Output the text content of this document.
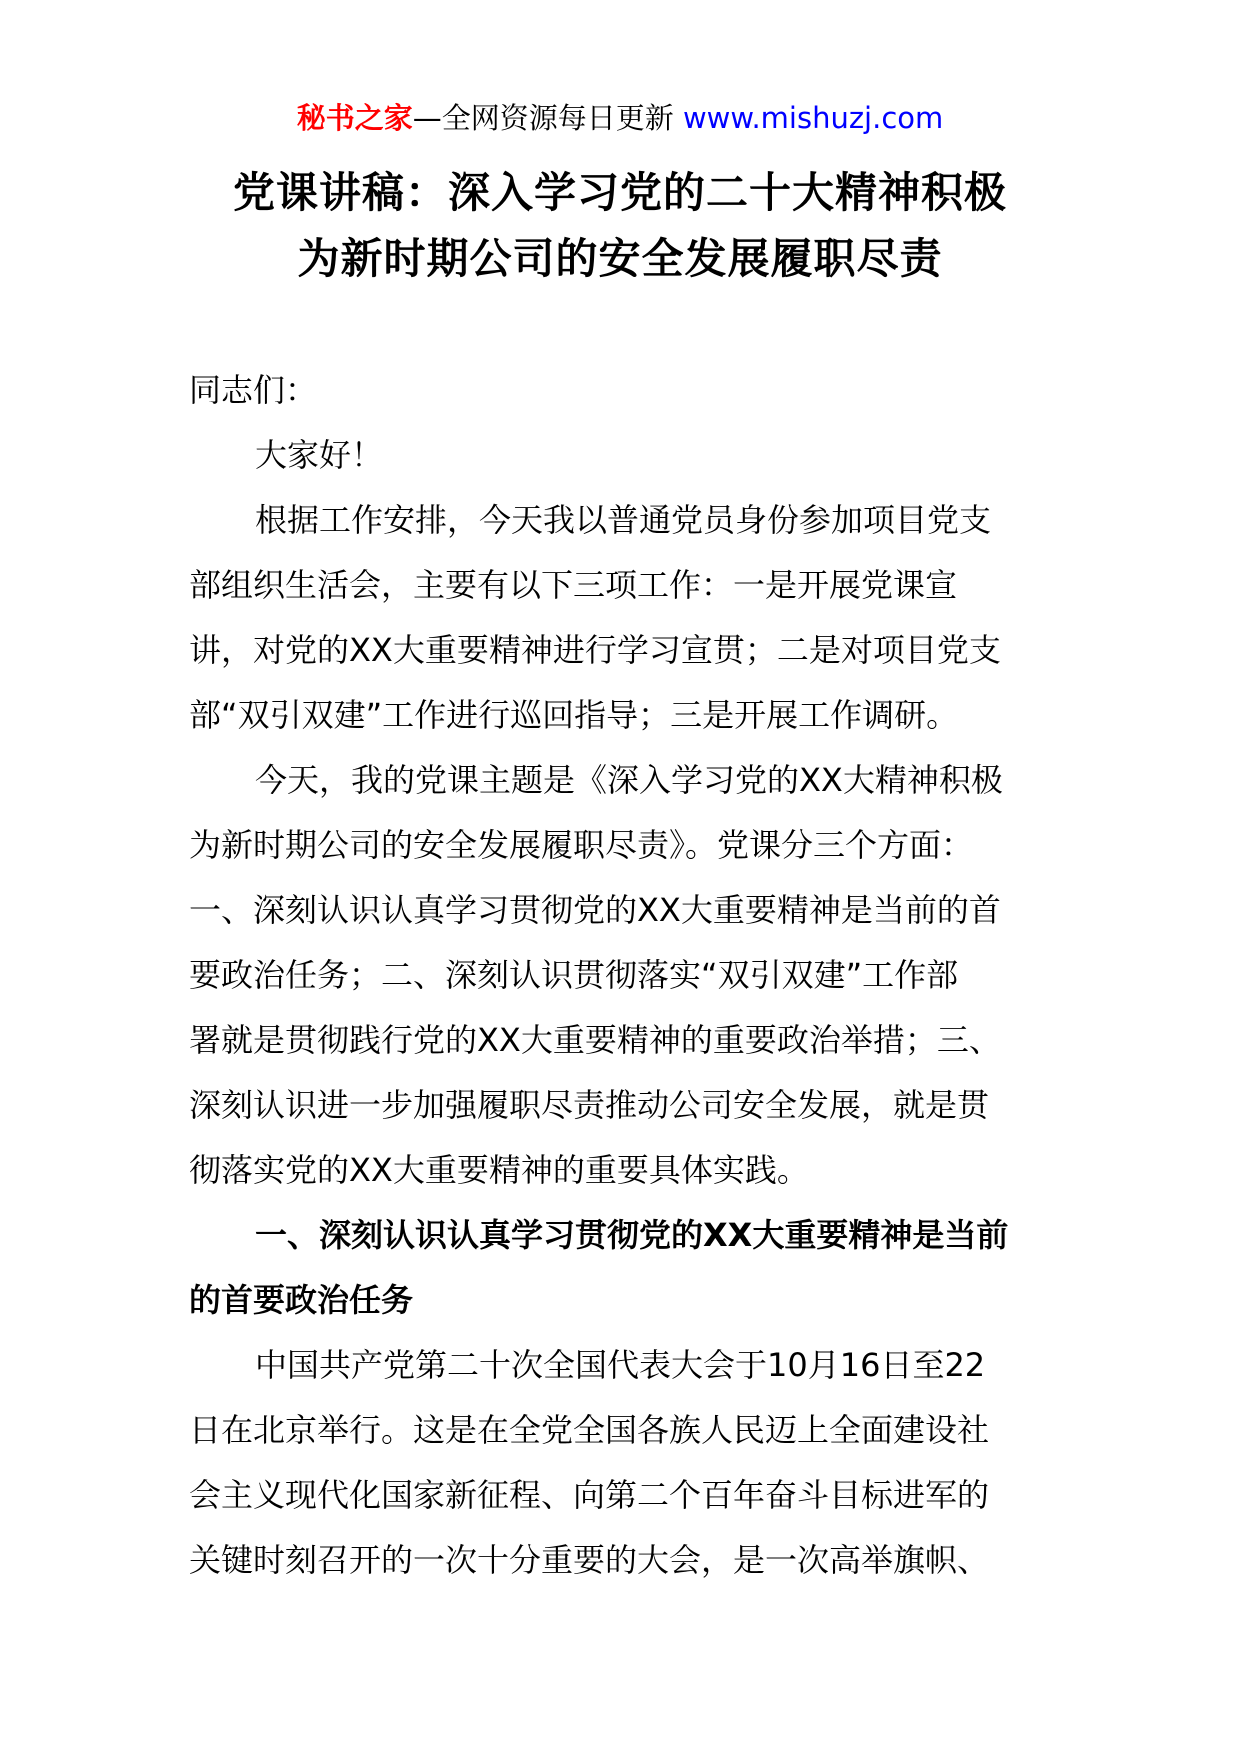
秘书之家—全网资源每日更新 www.mishuzj.com
党课讲稿：深入学习党的二十大精神积极
为新时期公司的安全发展履职尽责
同志们：
大家好！
根据工作安排，今天我以普通党员身份参加项目党支
部组织生活会，主要有以下三项工作：一是开展党课宣
讲，对党的XX大重要精神进行学习宣贯；二是对项目党支
部“双引双建”工作进行巡回指导；三是开展工作调研。
今天，我的党课主题是《深入学习党的XX大精神积极
为新时期公司的安全发展履职尽责》。党课分三个方面：
一、深刻认识认真学习贯彻党的XX大重要精神是当前的首
要政治任务；二、深刻认识贯彻落实“双引双建”工作部
署就是贯彻践行党的XX大重要精神的重要政治举措；三、
深刻认识进一步加强履职尽责推动公司安全发展，就是贯
彻落实党的XX大重要精神的重要具体实践。
一、深刻认识认真学习贯彻党的XX大重要精神是当前
的首要政治任务
中国共产党第二十次全国代表大会于10月16日至22
日在北京举行。这是在全党全国各族人民迈上全面建设社
会主义现代化国家新征程、向第二个百年奋斗目标进军的
关键时刻召开的一次十分重要的大会，是一次高举旗帜、
